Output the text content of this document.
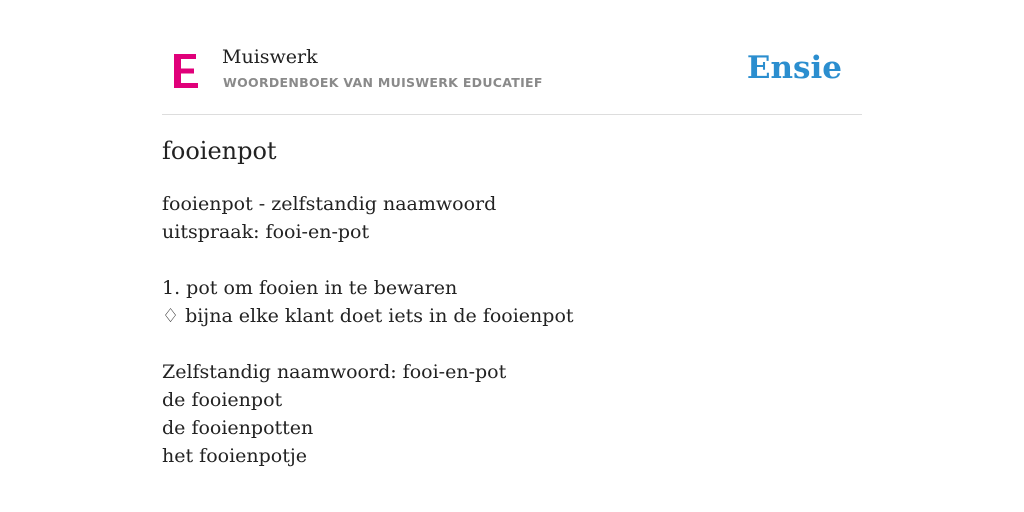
Muiswerk
WOORDENBOEK VAN MUISWERK EDUCATIEF	Ensie
fooienpot
fooienpot - zelfstandig naamwoord
uitspraak: fooi-en-pot
1. pot om fooien in te bewaren
♢ bijna elke klant doet iets in de fooienpot
Zelfstandig naamwoord: fooi-en-pot
de fooienpot
de fooienpotten
het fooienpotje
